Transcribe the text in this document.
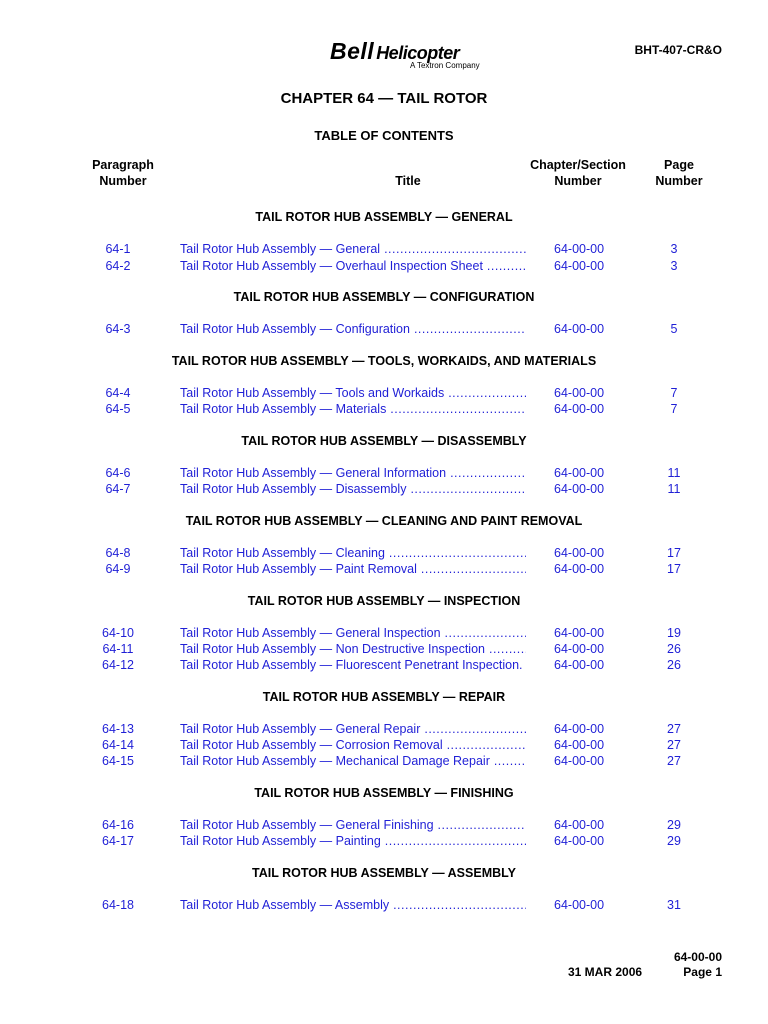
Bell Helicopter
A Textron Company
BHT-407-CR&O
CHAPTER 64 — TAIL ROTOR
TABLE OF CONTENTS
Paragraph
Number	Title
Chapter/Section
Number
Page
Number
TAIL ROTOR HUB ASSEMBLY — GENERAL
64-1	Tail Rotor Hub Assembly — General .....	64-00-00	3
64-2	Tail Rotor Hub Assembly — Overhaul Inspection Sheet .....	64-00-00	3
TAIL ROTOR HUB ASSEMBLY — CONFIGURATION
64-3	Tail Rotor Hub Assembly — Configuration .....	64-00-00	5
TAIL ROTOR HUB ASSEMBLY — TOOLS, WORKAIDS, AND MATERIALS
64-4	Tail Rotor Hub Assembly — Tools and Workaids .....	64-00-00	7
64-5	Tail Rotor Hub Assembly — Materials .....	64-00-00	7
TAIL ROTOR HUB ASSEMBLY — DISASSEMBLY
64-6	Tail Rotor Hub Assembly — General Information .....	64-00-00	11
64-7	Tail Rotor Hub Assembly — Disassembly .....	64-00-00	11
TAIL ROTOR HUB ASSEMBLY — CLEANING AND PAINT REMOVAL
64-8	Tail Rotor Hub Assembly — Cleaning .....	64-00-00	17
64-9	Tail Rotor Hub Assembly — Paint Removal .....	64-00-00	17
TAIL ROTOR HUB ASSEMBLY — INSPECTION
64-10	Tail Rotor Hub Assembly — General Inspection .....	64-00-00	19
64-11	Tail Rotor Hub Assembly — Non Destructive Inspection .....	64-00-00	26
64-12	Tail Rotor Hub Assembly — Fluorescent Penetrant Inspection. .....	64-00-00	26
TAIL ROTOR HUB ASSEMBLY — REPAIR
64-13	Tail Rotor Hub Assembly — General Repair .....	64-00-00	27
64-14	Tail Rotor Hub Assembly — Corrosion Removal .....	64-00-00	27
64-15	Tail Rotor Hub Assembly — Mechanical Damage Repair .....	64-00-00	27
TAIL ROTOR HUB ASSEMBLY — FINISHING
64-16	Tail Rotor Hub Assembly — General Finishing .....	64-00-00	29
64-17	Tail Rotor Hub Assembly — Painting .....	64-00-00	29
TAIL ROTOR HUB ASSEMBLY — ASSEMBLY
64-18	Tail Rotor Hub Assembly — Assembly .....	64-00-00	31
64-00-00
31 MAR 2006	Page 1
